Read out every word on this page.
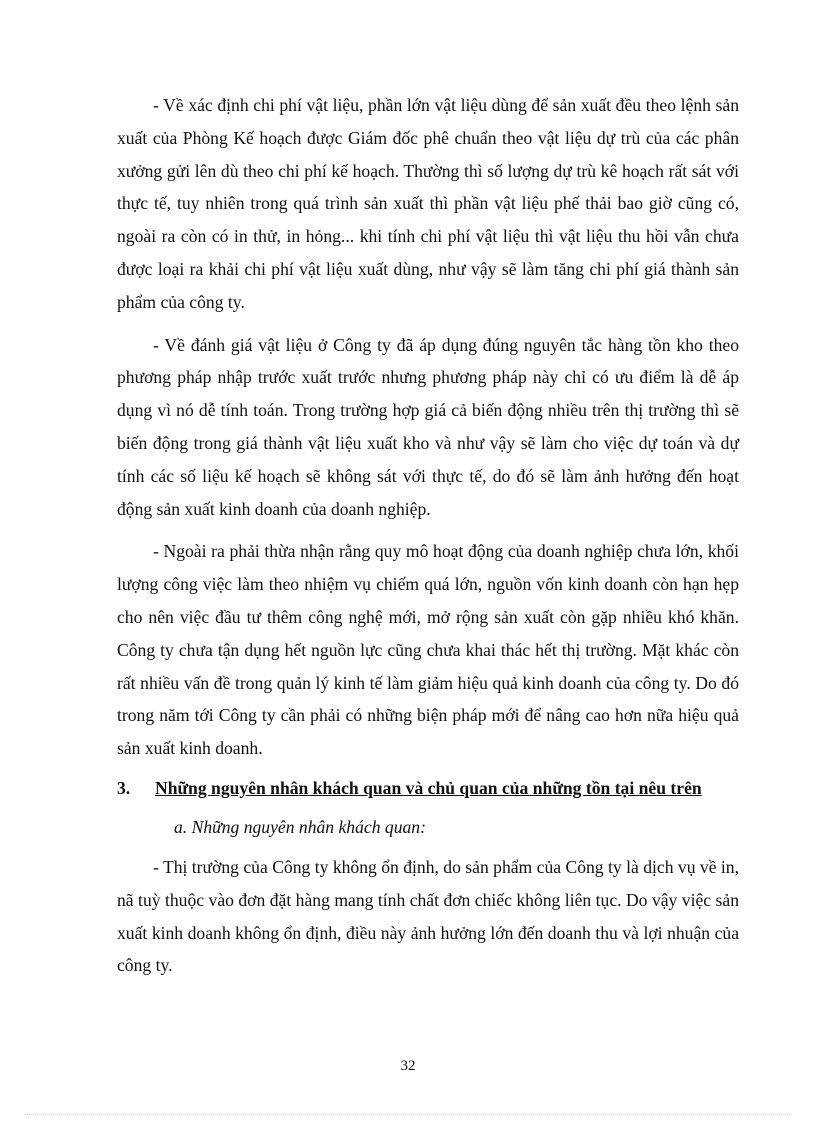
- Về xác định chi phí vật liệu, phần lớn vật liệu dùng để sản xuất đều theo lệnh sản xuất của Phòng Kế hoạch được Giám đốc phê chuẩn theo vật liệu dự trù của các phân xưởng gửi lên dù theo chi phí kế hoạch. Thường thì số lượng dự trù kê hoạch rất sát với thực tế, tuy nhiên trong quá trình sản xuất thì phần vật liệu phế thải bao giờ cũng có, ngoài ra còn có in thử, in hỏng... khi tính chi phí vật liệu thì vật liệu thu hồi vẫn chưa được loại ra khải chi phí vật liệu xuất dùng, như vậy sẽ làm tăng chi phí giá thành sản phẩm của công ty.

- Về đánh giá vật liệu ở Công ty đã áp dụng đúng nguyên tắc hàng tồn kho theo phương pháp nhập trước xuất trước nhưng phương pháp này chỉ có ưu điểm là dễ áp dụng vì nó dễ tính toán. Trong trường hợp giá cả biến động nhiều trên thị trường thì sẽ biến động trong giá thành vật liệu xuất kho và như vậy sẽ làm cho việc dự toán và dự tính các số liệu kế hoạch sẽ không sát với thực tế, do đó sẽ làm ảnh hưởng đến hoạt động sản xuất kinh doanh của doanh nghiệp.

- Ngoài ra phải thừa nhận rằng quy mô hoạt động của doanh nghiệp chưa lớn, khối lượng công việc làm theo nhiệm vụ chiếm quá lớn, nguồn vốn kinh doanh còn hạn hẹp cho nên việc đầu tư thêm công nghệ mới, mở rộng sản xuất còn gặp nhiều khó khăn. Công ty chưa tận dụng hết nguồn lực cũng chưa khai thác hết thị trường. Mặt khác còn rất nhiều vấn đề trong quản lý kinh tế làm giảm hiệu quả kinh doanh của công ty. Do đó trong năm tới Công ty cần phải có những biện pháp mới để nâng cao hơn nữa hiệu quả sản xuất kinh doanh.

3.	Những nguyên nhân khách quan và chủ quan của những tồn tại nêu trên

a. Những nguyên nhân khách quan:

- Thị trường của Công ty không ổn định, do sản phẩm của Công ty là dịch vụ về in, nã tuỳ thuộc vào đơn đặt hàng mang tính chất đơn chiếc không liên tục. Do vậy việc sản xuất kinh doanh không ổn định, điều này ảnh hưởng lớn đến doanh thu và lợi nhuận của công ty.

32
